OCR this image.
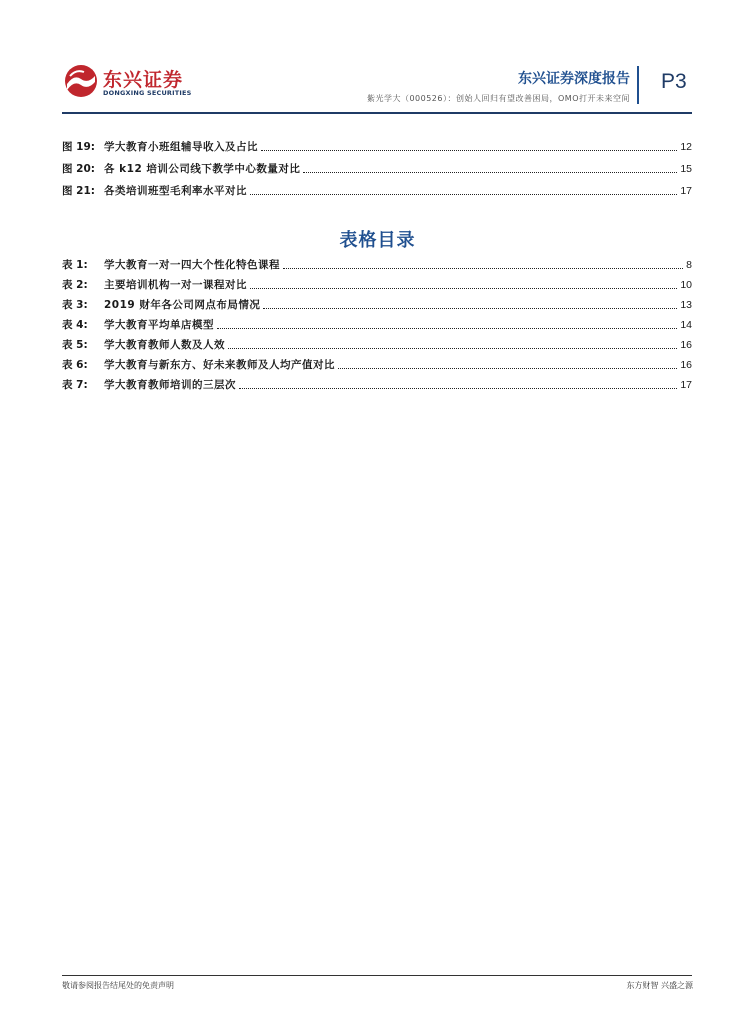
东兴证券
DONGXING SECURITIES
东兴证券深度报告
紫光学大（000526）：创始人回归有望改善困局，OMO打开未来空间
P3
图 19: 学大教育小班组辅导收入及占比	12
图 20: 各 k12 培训公司线下教学中心数量对比	15
图 21: 各类培训班型毛利率水平对比	17
表格目录
表 1:	学大教育一对一四大个性化特色课程	8
表 2:	主要培训机构一对一课程对比	10
表 3:	2019 财年各公司网点布局情况	13
表 4:	学大教育平均单店模型	14
表 5:	学大教育教师人数及人效	16
表 6:	学大教育与新东方、好未来教师及人均产值对比	16
表 7:	学大教育教师培训的三层次	17
敬请参阅报告结尾处的免责声明	东方财智 兴盛之源
